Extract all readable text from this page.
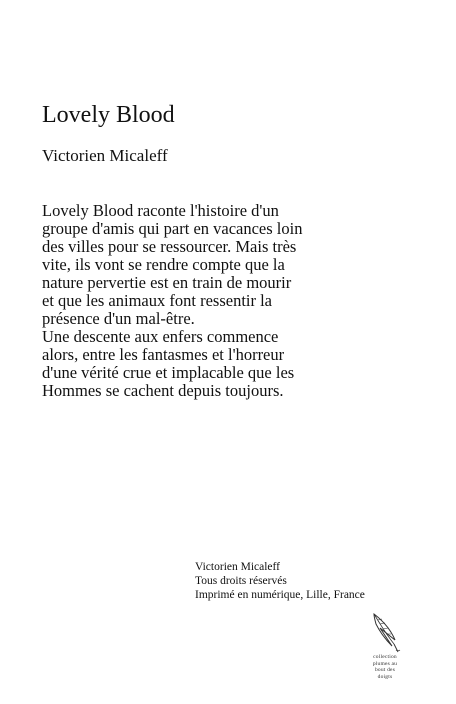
Lovely Blood
Victorien Micaleff

Lovely Blood raconte l'histoire d'un

groupe d'amis qui part en vacances loin

des villes pour se ressourcer. Mais très

vite, ils vont se rendre compte que la

nature pervertie est en train de mourir

et que les animaux font ressentir la

présence d'un mal-être.

Une descente aux enfers commence

alors, entre les fantasmes et l'horreur

d'une vérité crue et implacable que les

Hommes se cachent depuis toujours.

Victorien Micaleff
Tous droits réservés
Imprimé en numérique, Lille, France
collection
plumes au
bout des
doigts
